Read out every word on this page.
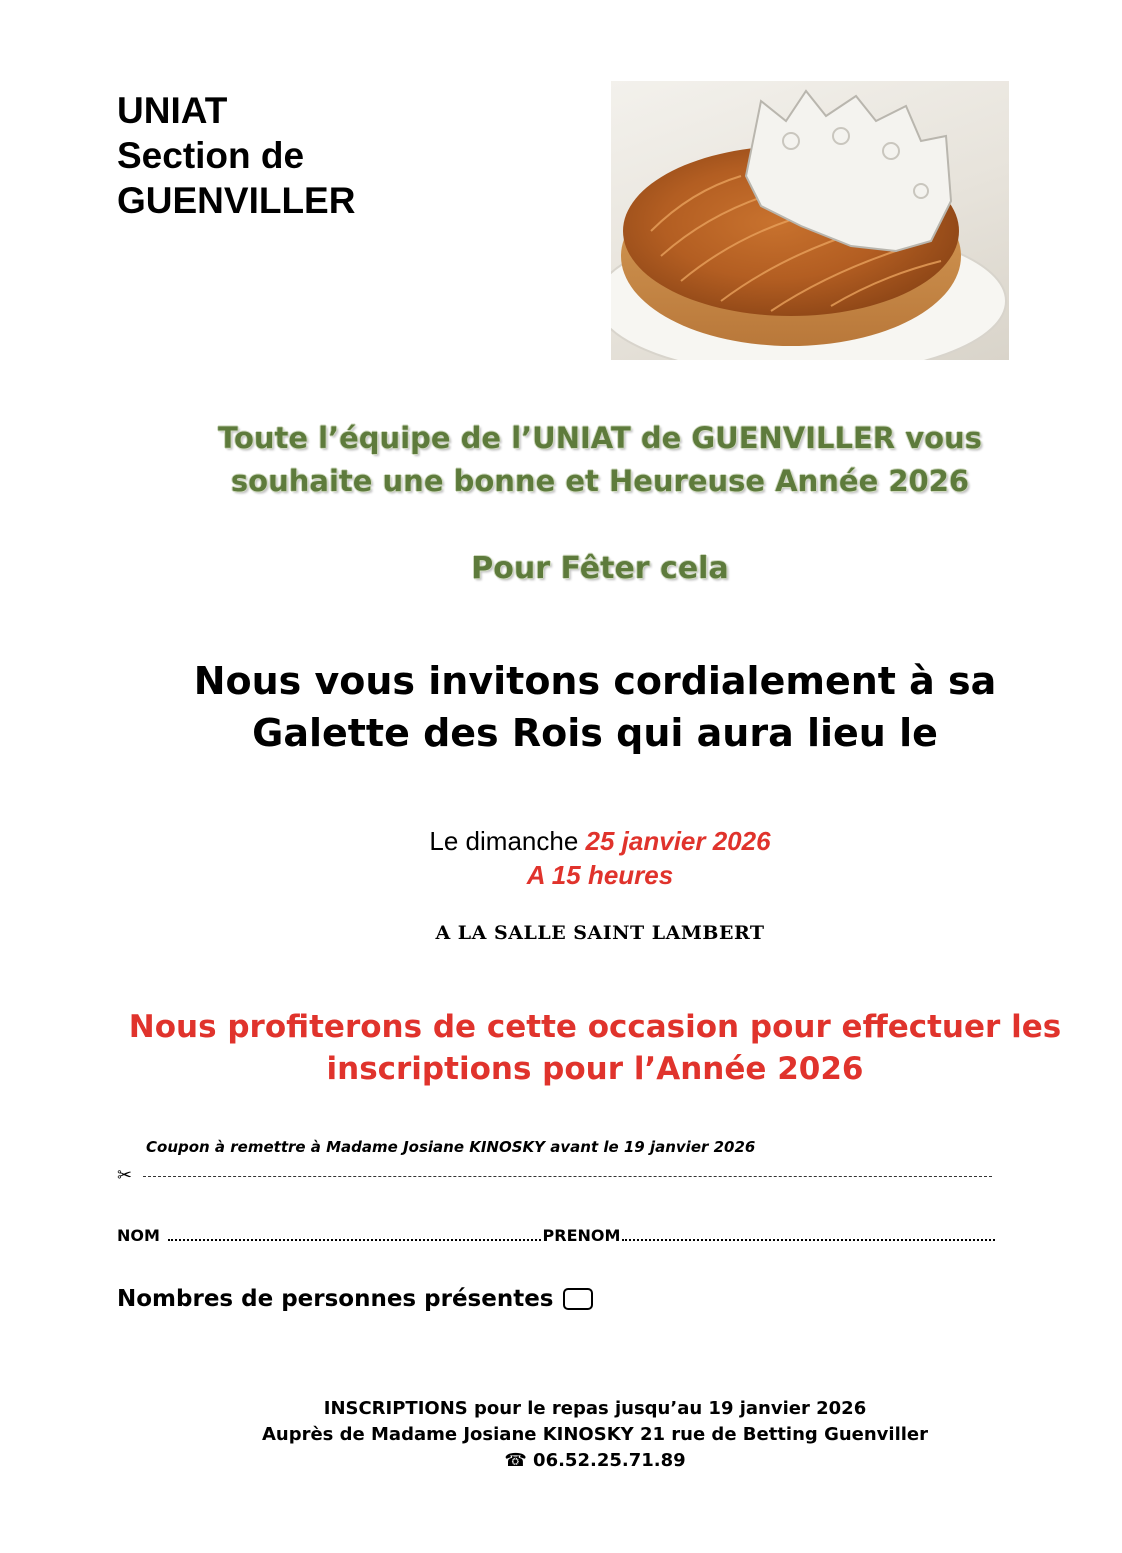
UNIAT
Section de
GUENVILLER
Toute l’équipe de l’UNIAT de GUENVILLER vous
souhaite une bonne et Heureuse Année 2026
Pour Fêter cela
Nous vous invitons cordialement à sa
Galette des Rois qui aura lieu le
Le dimanche 25 janvier 2026
A 15 heures
A LA SALLE SAINT LAMBERT
Nous profiterons de cette occasion pour effectuer les
inscriptions pour l’Année 2026
Coupon à remettre à Madame Josiane KINOSKY avant le 19 janvier 2026
✂
NOM	PRENOM
Nombres de personnes présentes
INSCRIPTIONS pour le repas jusqu’au 19 janvier 2026
Auprès de Madame Josiane KINOSKY 21 rue de Betting Guenviller
☎ 06.52.25.71.89
